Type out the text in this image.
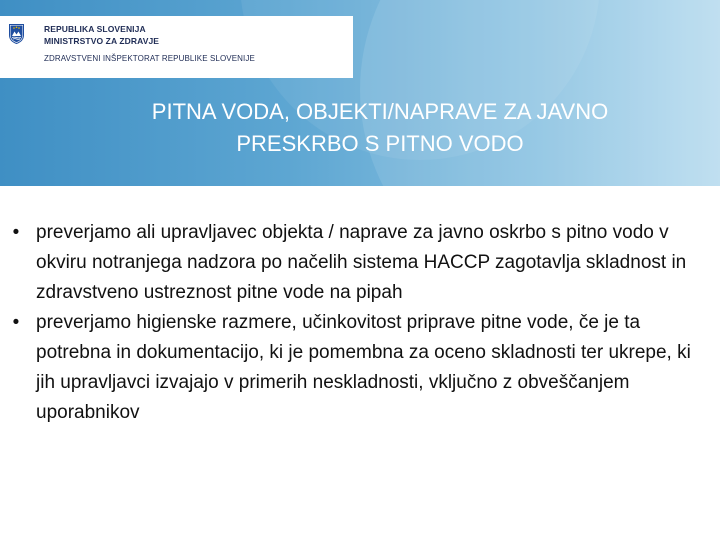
REPUBLIKA SLOVENIJA
MINISTRSTVO ZA ZDRAVJE
ZDRAVSTVENI INŠPEKTORAT REPUBLIKE SLOVENIJE
PITNA VODA, OBJEKTI/NAPRAVE ZA JAVNO
PRESKRBO S PITNO VODO
• preverjamo ali upravljavec objekta / naprave za javno oskrbo s pitno vodo v okviru notranjega nadzora po načelih sistema HACCP zagotavlja skladnost in zdravstveno ustreznost pitne vode na pipah
• preverjamo higienske razmere, učinkovitost priprave pitne vode, če je ta potrebna in dokumentacijo, ki je pomembna za oceno skladnosti ter ukrepe, ki jih upravljavci izvajajo v primerih neskladnosti, vključno z obveščanjem uporabnikov
